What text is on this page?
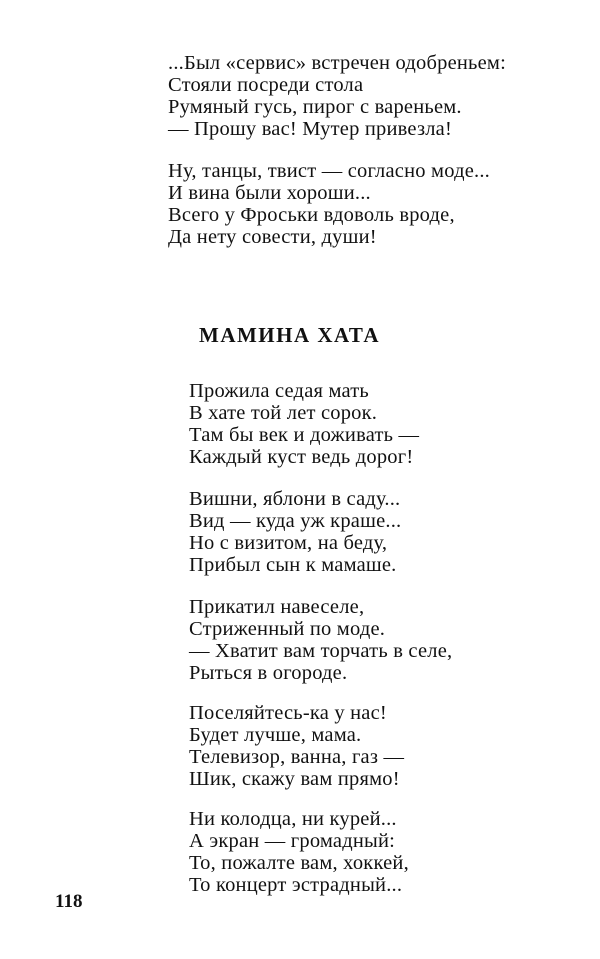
...Был «сервис» встречен одобреньем:
Стояли посреди стола
Румяный гусь, пирог с вареньем.
— Прошу вас! Мутер привезла!
Ну, танцы, твист — согласно моде...
И вина были хороши...
Всего у Фроськи вдоволь вроде,
Да нету совести, души!
МАМИНА ХАТА
Прожила седая мать
В хате той лет сорок.
Там бы век и доживать —
Каждый куст ведь дорог!
Вишни, яблони в саду...
Вид — куда уж краше...
Но с визитом, на беду,
Прибыл сын к мамаше.
Прикатил навеселе,
Стриженный по моде.
— Хватит вам торчать в селе,
Рыться в огороде.
Поселяйтесь-ка у нас!
Будет лучше, мама.
Телевизор, ванна, газ —
Шик, скажу вам прямо!
Ни колодца, ни курей...
А экран — громадный:
То, пожалте вам, хоккей,
То концерт эстрадный...
118
